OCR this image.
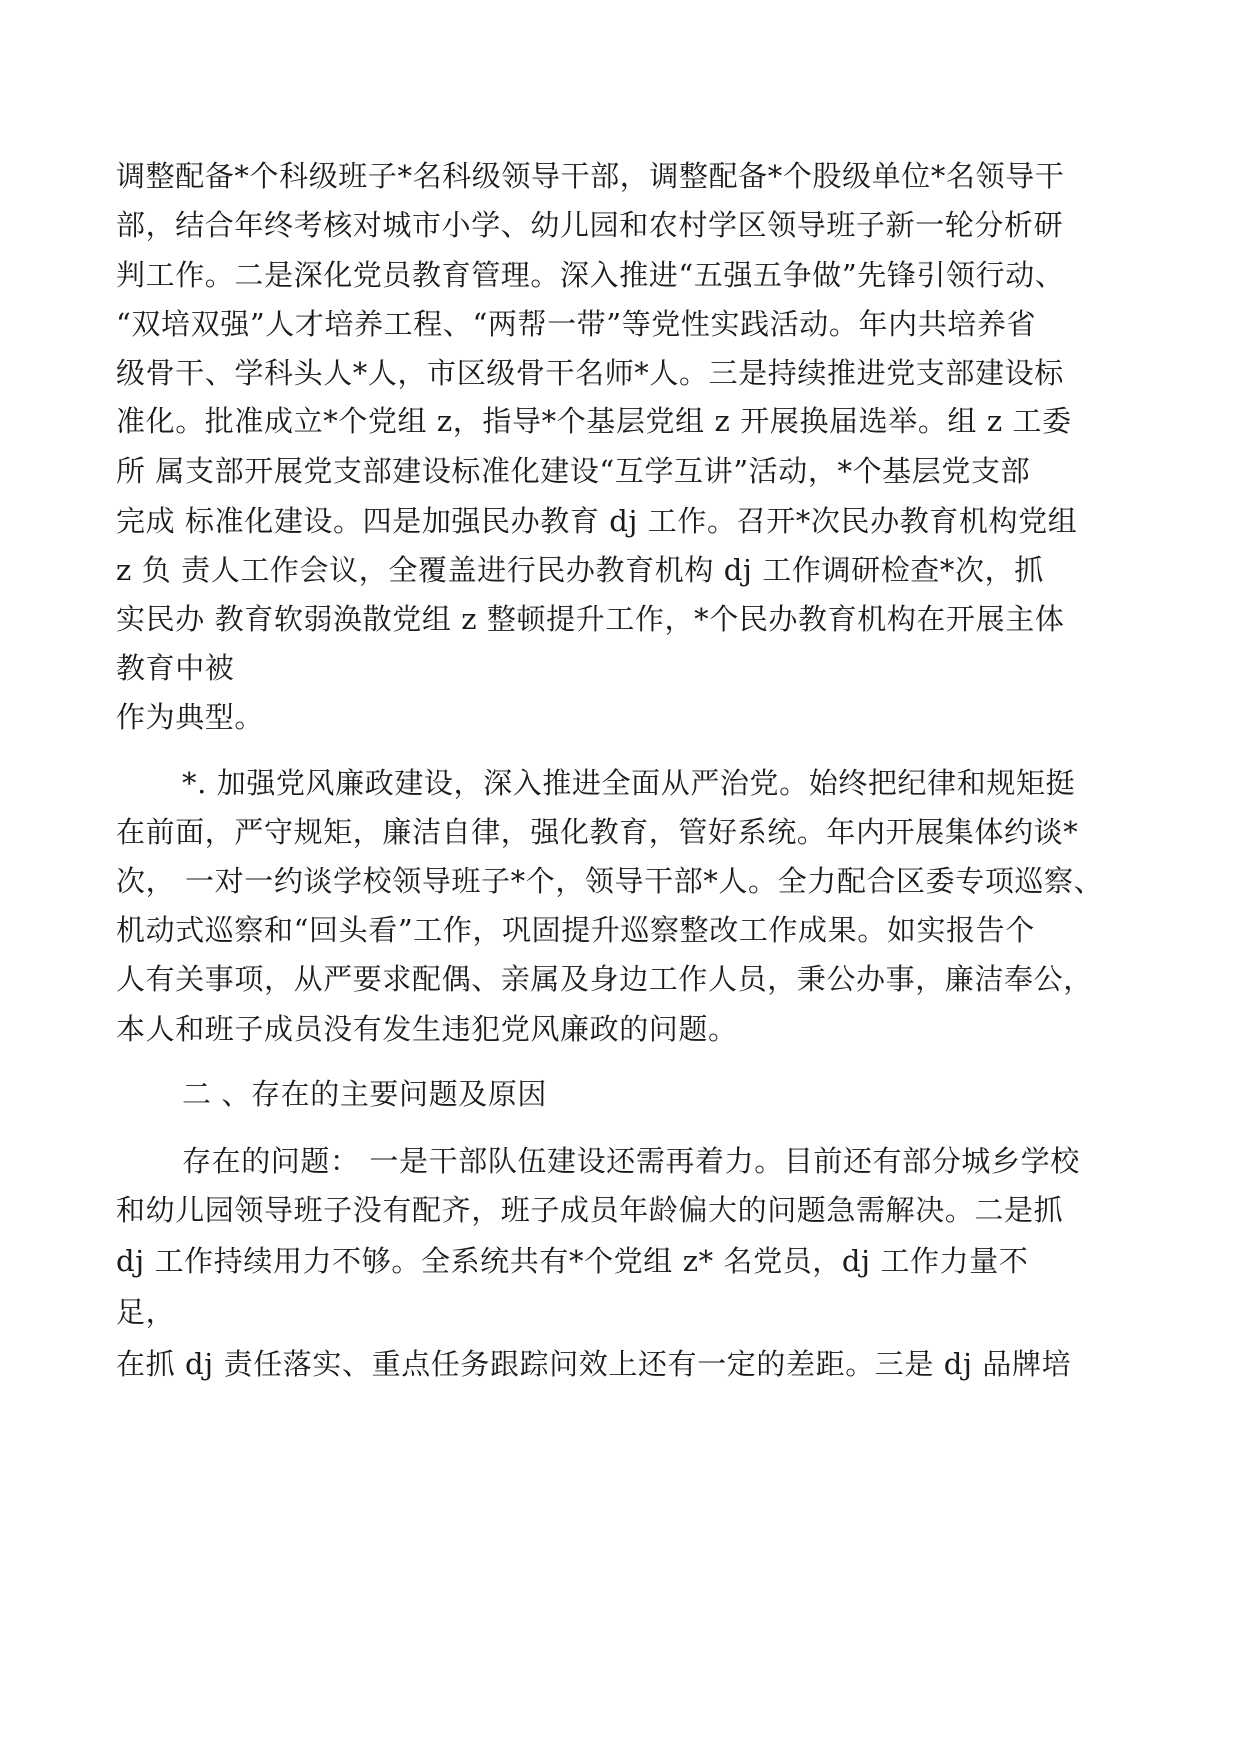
调整配备*个科级班子*名科级领导干部，调整配备*个股级单位*名领导干

部，结合年终考核对城市小学、幼儿园和农村学区领导班子新一轮分析研

判工作。二是深化党员教育管理。深入推进“五强五争做”先锋引领行动、

“双培双强”人才培养工程、“两帮一带”等党性实践活动。年内共培养省

级骨干、学科头人*人，市区级骨干名师*人。三是持续推进党支部建设标

准化。批准成立*个党组 z，指导*个基层党组 z 开展换届选举。组 z 工委

所 属支部开展党支部建设标准化建设“互学互讲”活动，*个基层党支部

完成 标准化建设。四是加强民办教育 dj 工作。召开*次民办教育机构党组

z 负 责人工作会议，全覆盖进行民办教育机构 dj 工作调研检查*次，抓

实民办 教育软弱涣散党组 z 整顿提升工作，*个民办教育机构在开展主体

教育中被

作为典型。

*. 加强党风廉政建设，深入推进全面从严治党。始终把纪律和规矩挺

在前面，严守规矩，廉洁自律，强化教育，管好系统。年内开展集体约谈*

次， 一对一约谈学校领导班子*个，领导干部*人。全力配合区委专项巡察、

机动式巡察和“回头看”工作，巩固提升巡察整改工作成果。如实报告个

人有关事项，从严要求配偶、亲属及身边工作人员，秉公办事，廉洁奉公，

本人和班子成员没有发生违犯党风廉政的问题。

二 、存在的主要问题及原因

存在的问题： 一是干部队伍建设还需再着力。目前还有部分城乡学校

和幼儿园领导班子没有配齐，班子成员年龄偏大的问题急需解决。二是抓

dj 工作持续用力不够。全系统共有*个党组 z* 名党员，dj 工作力量不

足，

在抓 dj 责任落实、重点任务跟踪问效上还有一定的差距。三是 dj 品牌培
